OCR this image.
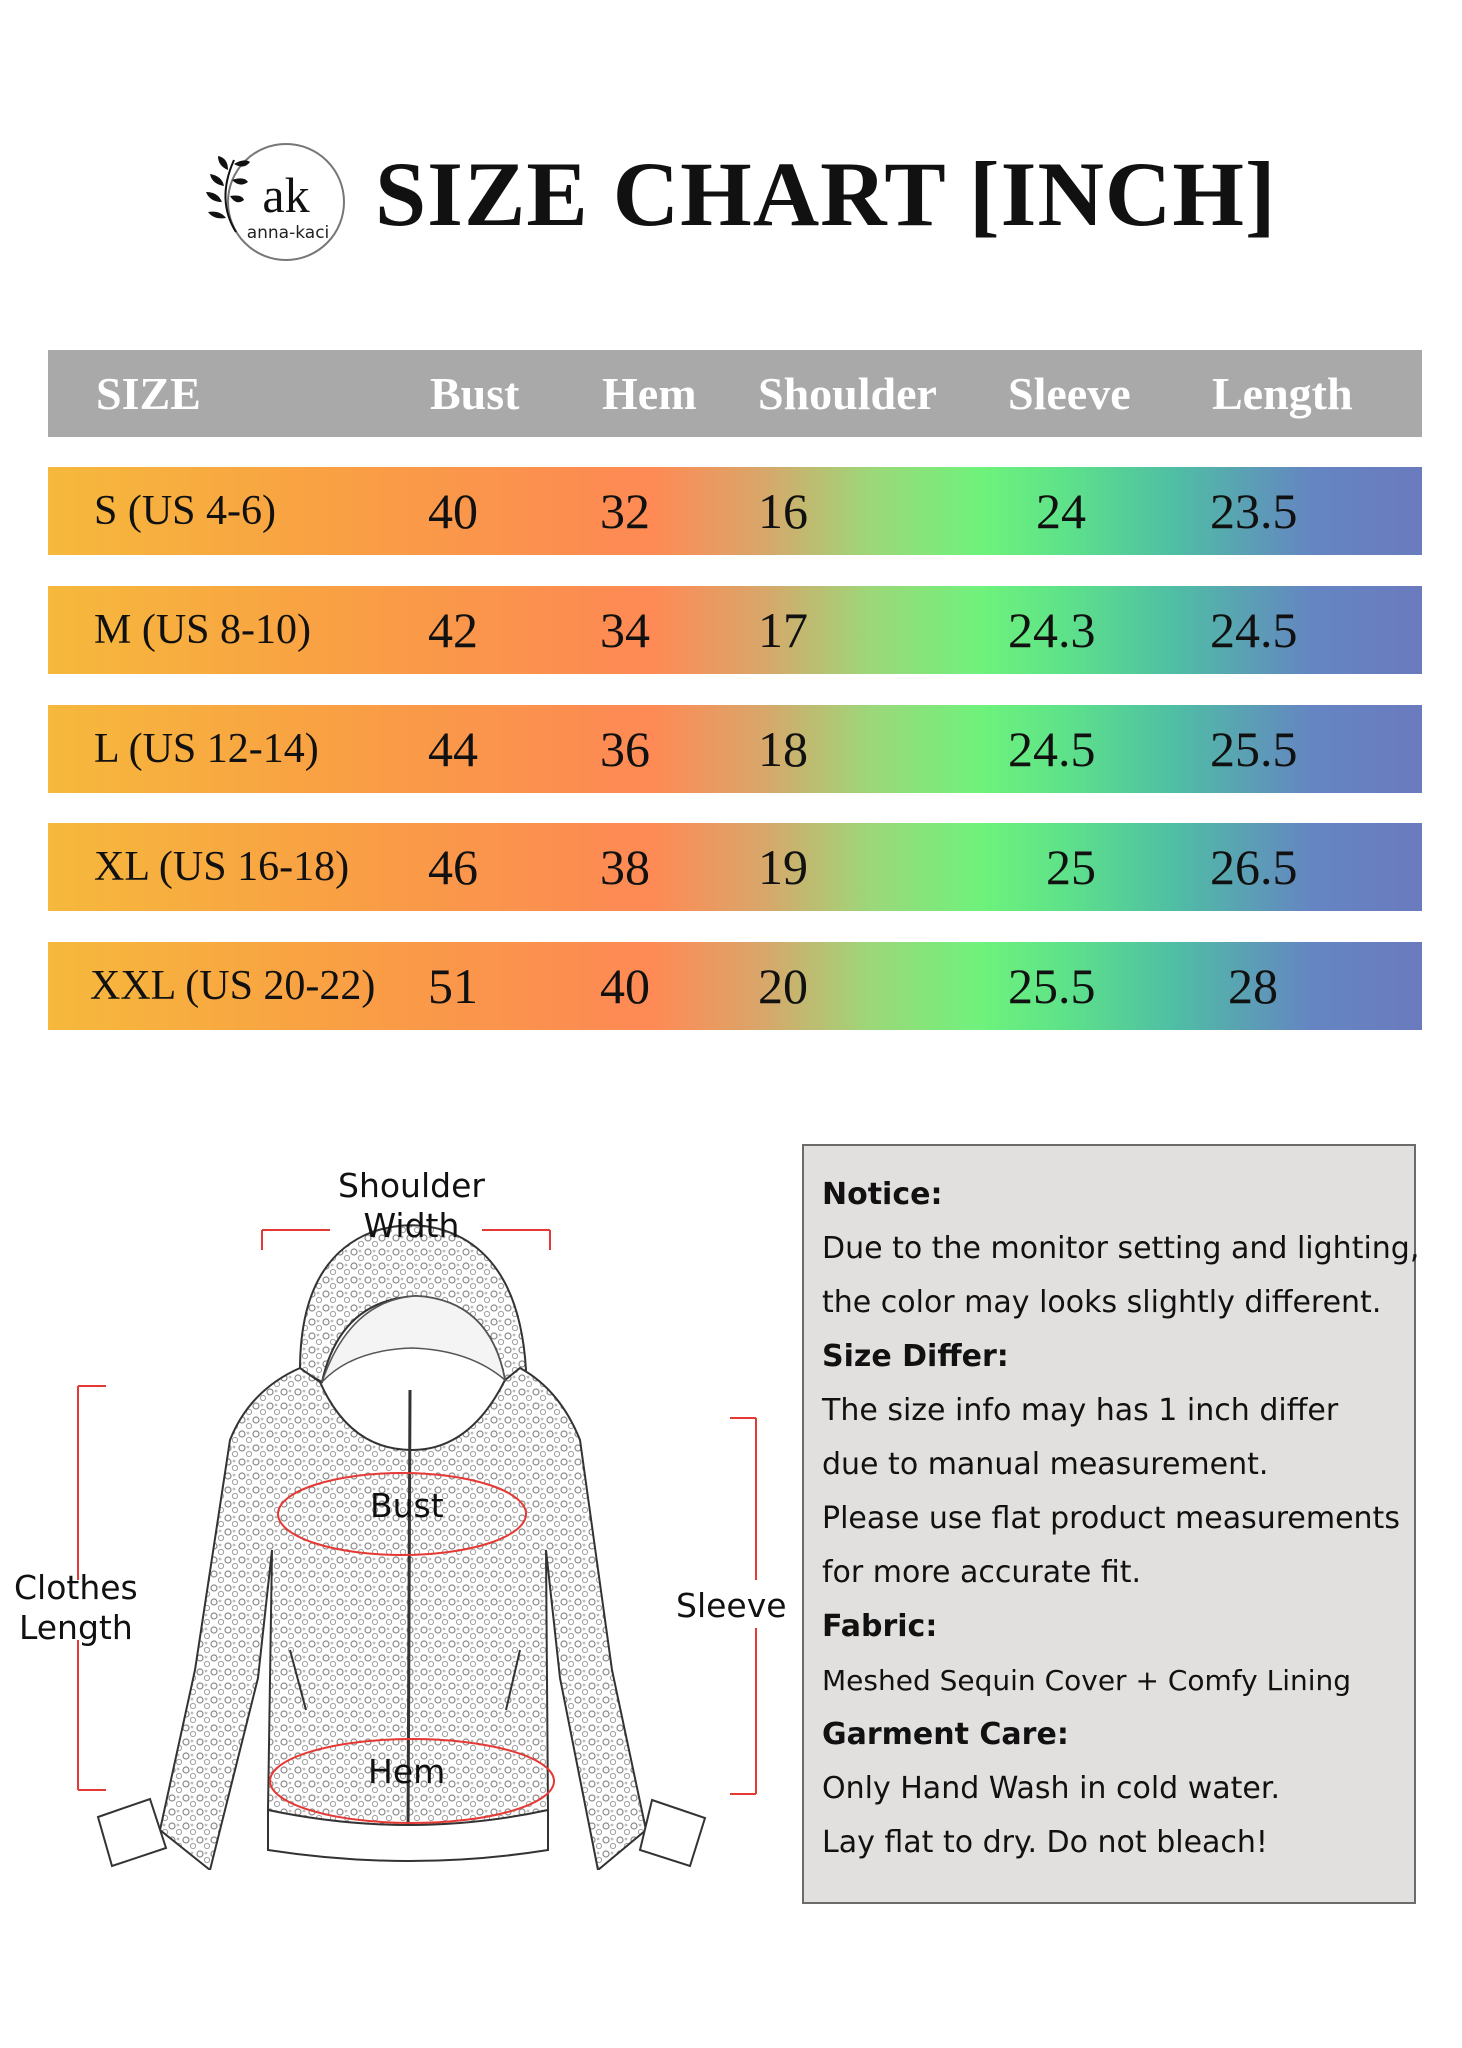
ak
anna-kaci SIZE CHART [INCH]
SIZE	Bust Hem Shoulder Sleeve Length
S (US 4-6)	40 32 16	24 23.5
M (US 8-10) 42 34 17	24.3 24.5
L (US 12-14) 44 36 18	24.5 25.5
XL (US 16-18) 46 38 19	25 26.5
XXL (US 20-22) 51 40 20	25.5	28
Shoulder
Width
Bust
Hem
Clothes
Length
Sleeve
Notice:
Due to the monitor setting and lighting,
the color may looks slightly different.
Size Differ:
The size info may has 1 inch differ
due to manual measurement.
Please use flat product measurements
for more accurate fit.
Fabric:
Meshed Sequin Cover + Comfy Lining
Garment Care:
Only Hand Wash in cold water.
Lay flat to dry. Do not bleach!
